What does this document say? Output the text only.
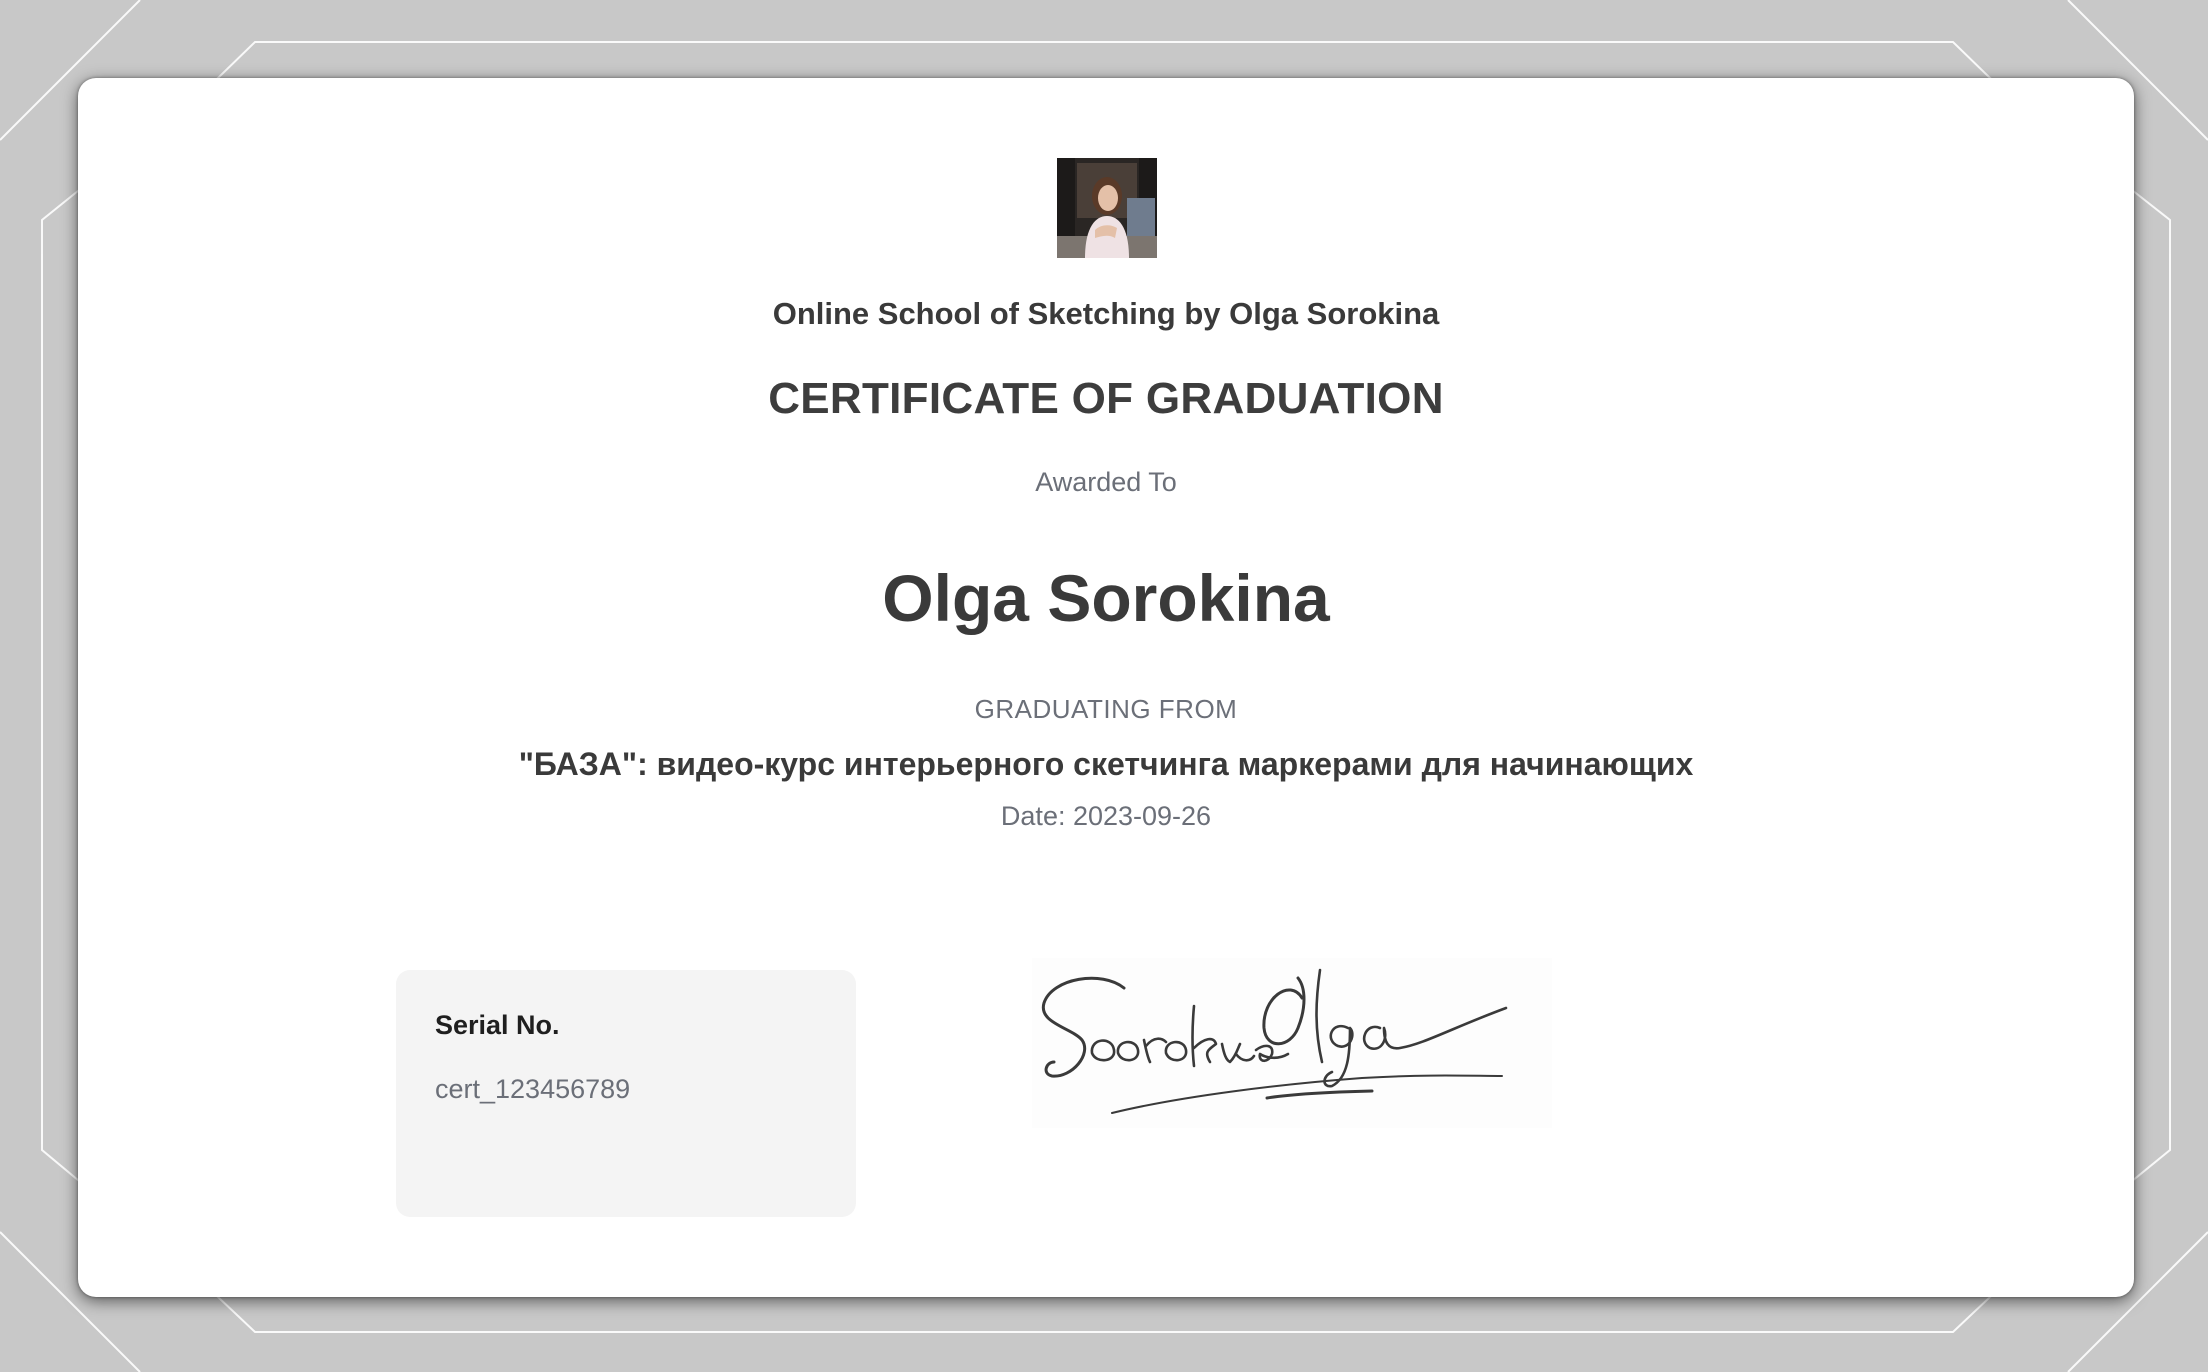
Online School of Sketching by Olga Sorokina
CERTIFICATE OF GRADUATION
Awarded To
Olga Sorokina
GRADUATING FROM
"БАЗА": видео-курс интерьерного скетчинга маркерами для начинающих
Date: 2023-09-26
Serial No.
cert_123456789
